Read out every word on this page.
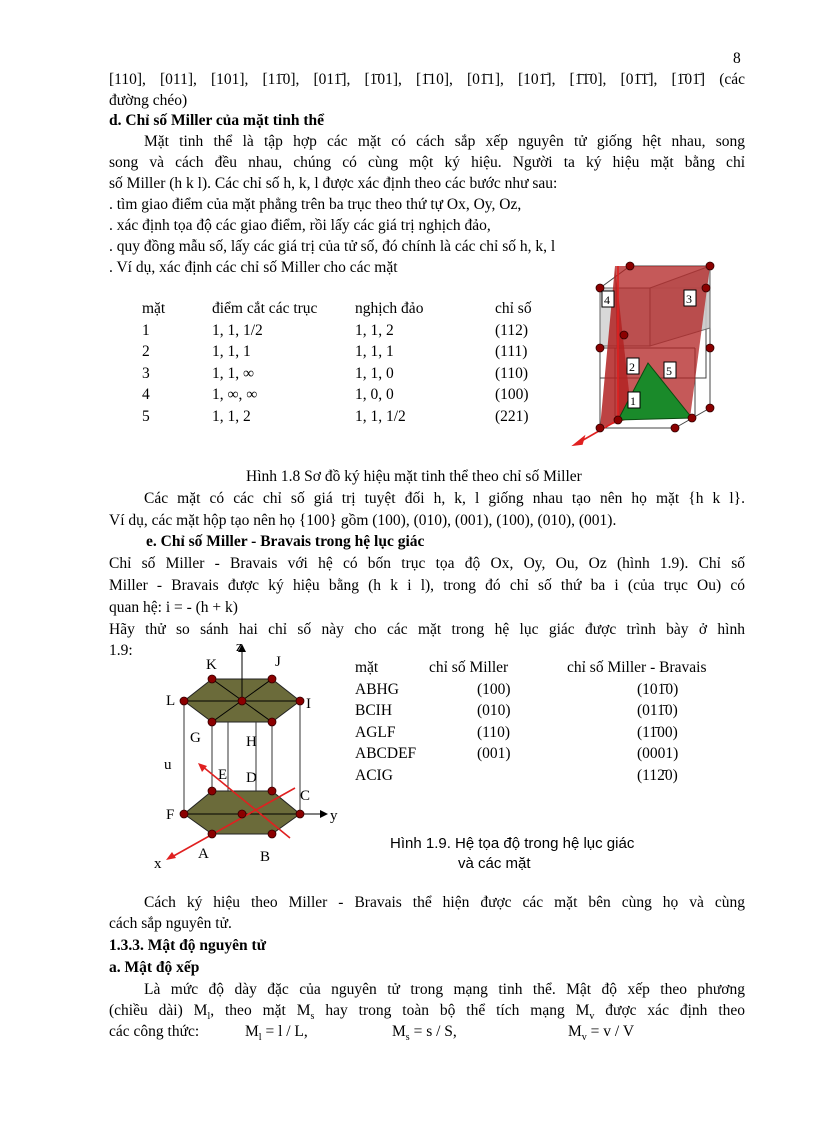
8
[110], [011], [101], [11̄0], [011̄], [1̄01], [1̄10], [01̄1], [101̄], [1̄1̄0], [01̄1̄], [1̄01̄] (các
đường chéo)
d. Chỉ số Miller của mặt tinh thể
Mặt tinh thể là tập hợp các mặt có cách sắp xếp nguyên tử giống hệt nhau, song
song và cách đều nhau, chúng có cùng một ký hiệu. Người ta ký hiệu mặt bằng chỉ
số Miller (h k l). Các chỉ số h, k, l được xác định theo các bước như sau:
. tìm giao điểm của mặt phẳng trên ba trục theo thứ tự Ox, Oy, Oz,
. xác định tọa độ các giao điểm, rồi lấy các giá trị nghịch đảo,
. quy đồng mẫu số, lấy các giá trị của tử số, đó chính là các chỉ số h, k, l
. Ví dụ, xác định các chỉ số Miller cho các mặt
mặt	điểm cắt các trục	nghịch đảo	chỉ số
1	1, 1, 1/2	1, 1, 2	(112)
2	1, 1, 1	1, 1, 1	(111)
3	1, 1, ∞	1, 1, 0	(110)
4	1, ∞, ∞	1, 0, 0	(100)
5	1, 1, 2	1, 1, 1/2	(221)
4	3
2	5
1
Hình 1.8 Sơ đồ ký hiệu mặt tinh thể theo chỉ số Miller
Các mặt có các chỉ số giá trị tuyệt đối h, k, l giống nhau tạo nên họ mặt {h k l}.
Ví dụ, các mặt hộp tạo nên họ {100} gồm (100), (010), (001), (100), (010), (001).
e. Chỉ số Miller - Bravais trong hệ lục giác
Chỉ số Miller - Bravais với hệ có bốn trục tọa độ Ox, Oy, Ou, Oz (hình 1.9). Chỉ số
Miller - Bravais được ký hiệu bằng (h k i l), trong đó chỉ số thứ ba i (của trục Ou) có
quan hệ: i = - (h + k)
Hãy thử so sánh hai chỉ số này cho các mặt trong hệ lục giác được trình bày ở hình
1.9:	z
K	J
L	I
G	H
u
E D
C
F	y
A	B
x
mặt	chỉ số Miller	chỉ số Miller - Bravais
ABHG	(100)	(101̄0)
BCIH	(010)	(011̄0)
AGLF	(110)	(11̄00)
ABCDEF	(001)	(0001)
ACIG		(112̄0)
Hình 1.9. Hệ tọa độ trong hệ lục giác
và các mặt
Cách ký hiệu theo Miller - Bravais thể hiện được các mặt bên cùng họ và cùng
cách sắp nguyên tử.
1.3.3. Mật độ nguyên tử
a. Mật độ xếp
Là mức độ dày đặc của nguyên tử trong mạng tinh thể. Mật độ xếp theo phương
(chiều dài) $M_l$, theo mặt $M_s$ hay trong toàn bộ thể tích mạng $M_v$ được xác định theo
các công thức:	$M_l = l / L$,	$M_s = s / S$,	$M_v = v / V$
